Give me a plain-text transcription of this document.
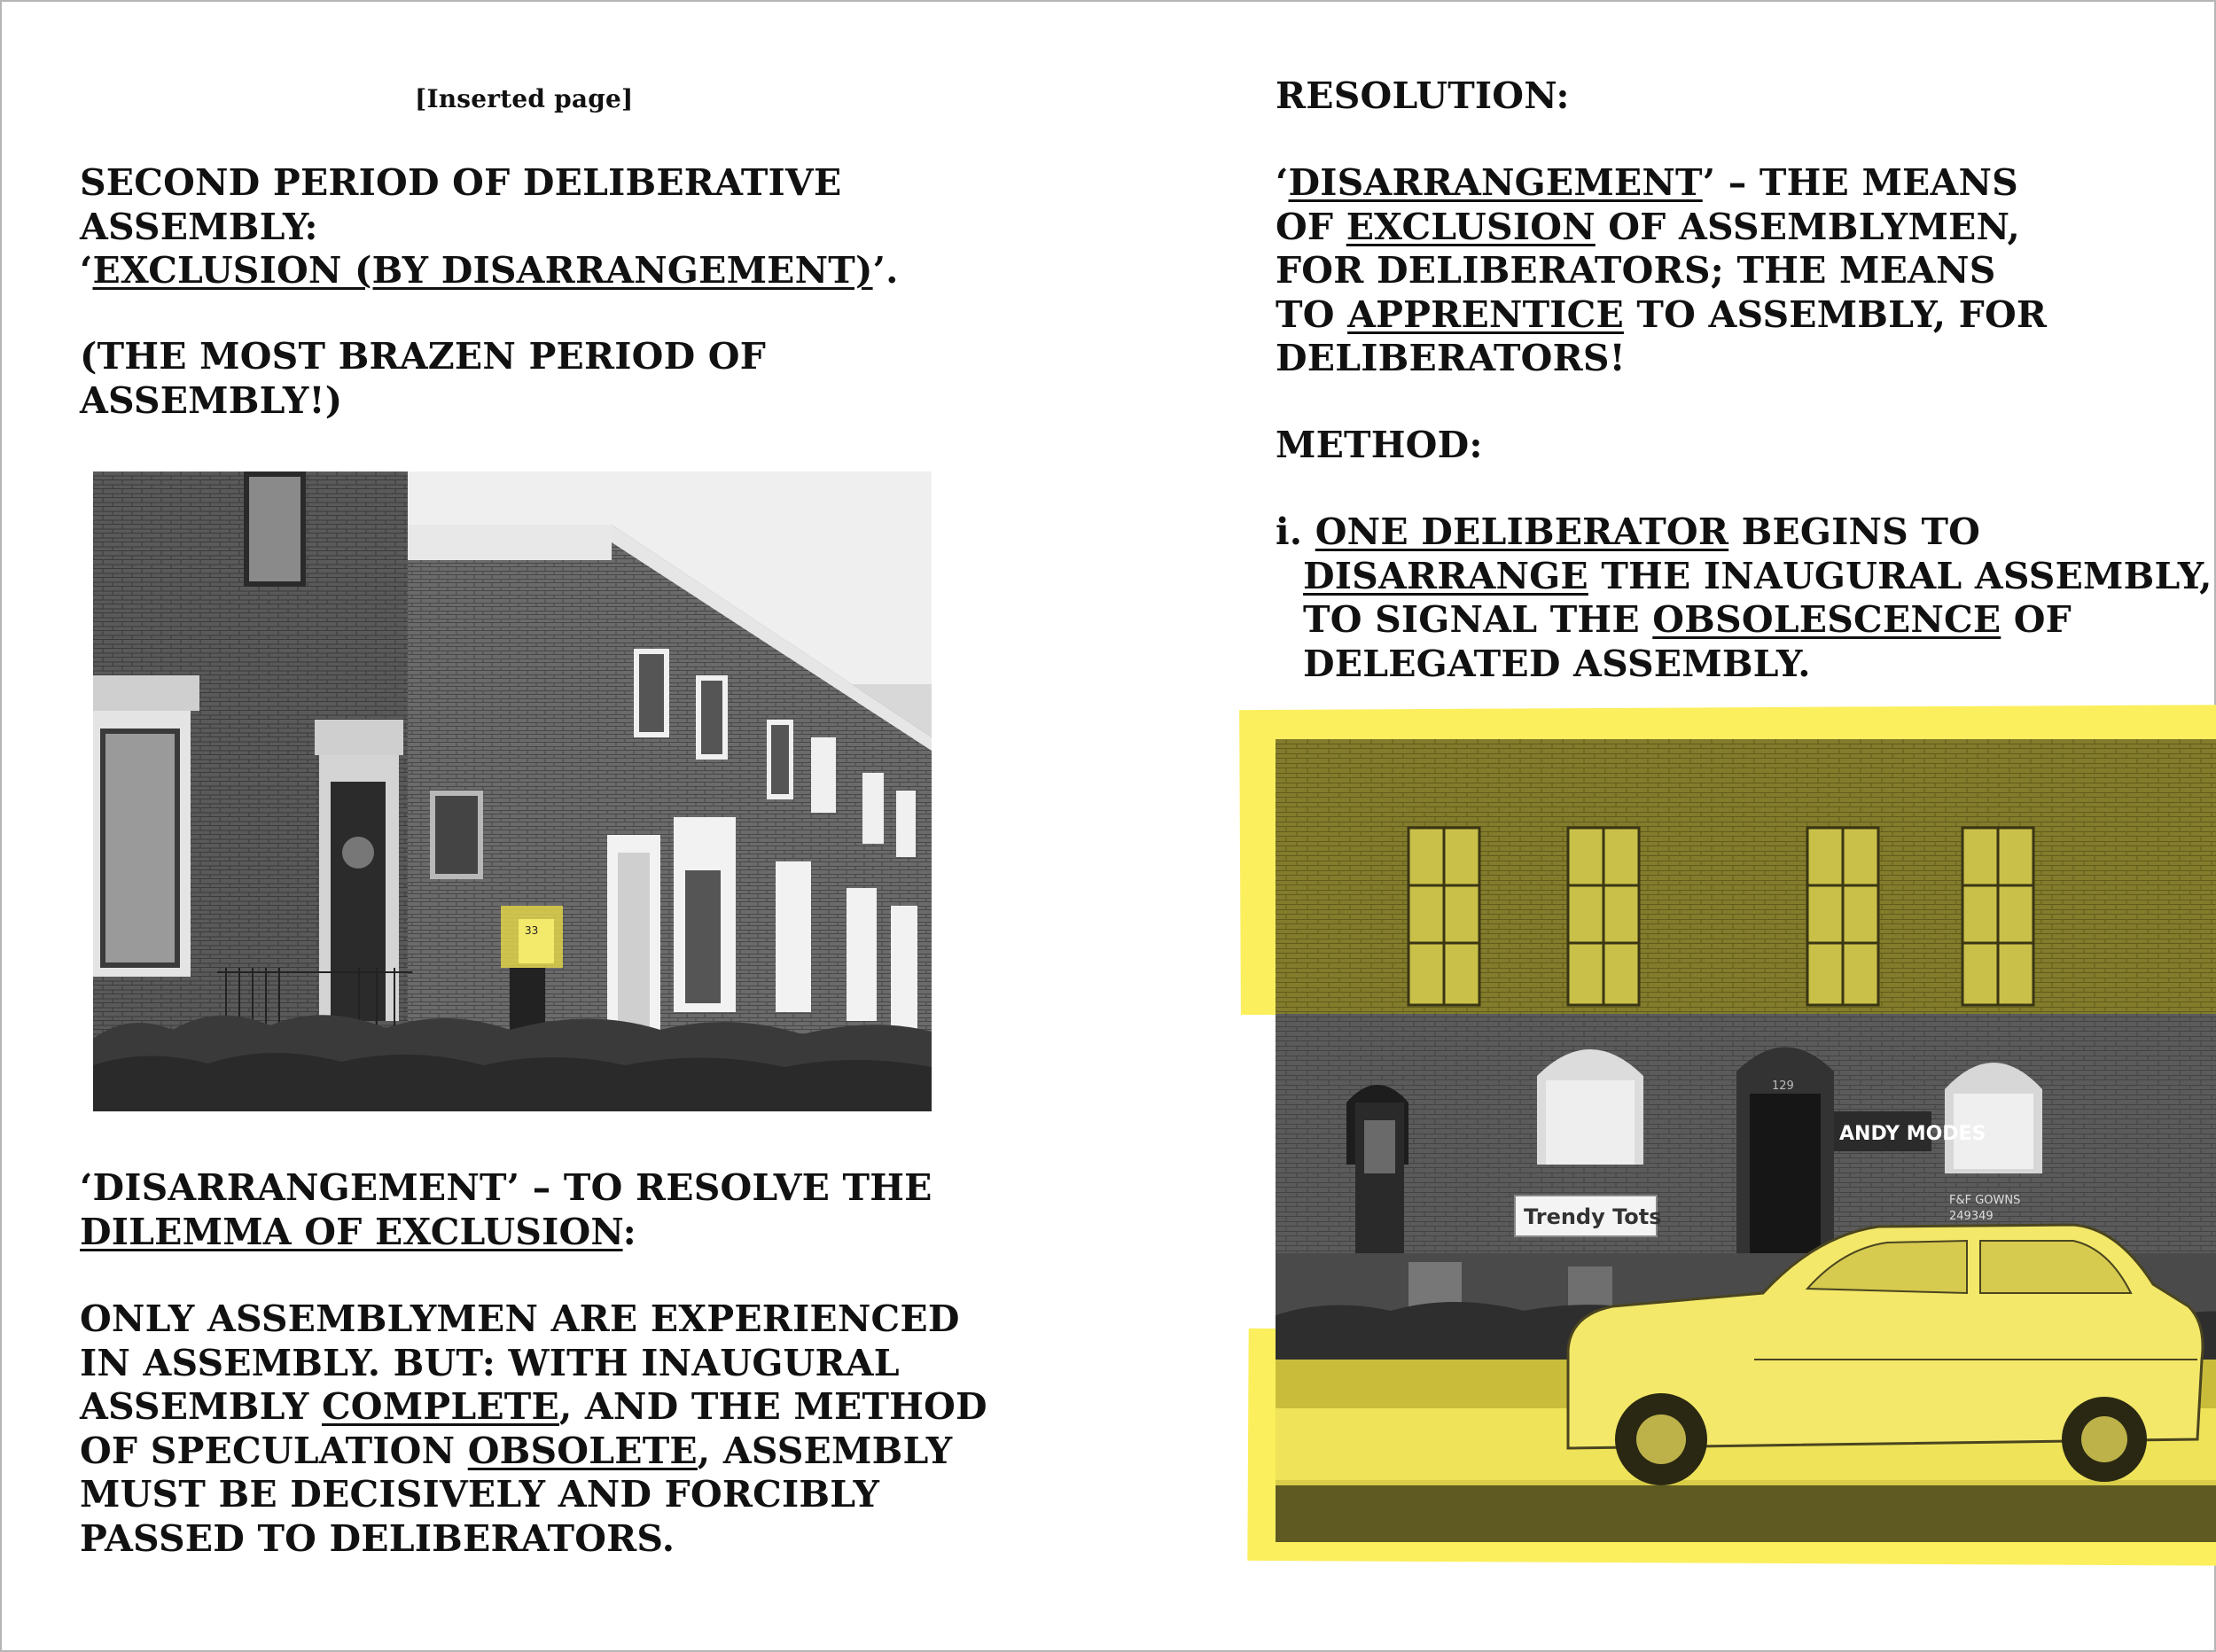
[Inserted page]

SECOND PERIOD OF DELIBERATIVE
ASSEMBLY:
‘EXCLUSION (BY DISARRANGEMENT)’.

(THE MOST BRAZEN PERIOD OF
ASSEMBLY!)

33

‘DISARRANGEMENT’ – TO RESOLVE THE
DILEMMA OF EXCLUSION:

ONLY ASSEMBLYMEN ARE EXPERIENCED
IN ASSEMBLY. BUT: WITH INAUGURAL
ASSEMBLY COMPLETE, AND THE METHOD
OF SPECULATION OBSOLETE, ASSEMBLY
MUST BE DECISIVELY AND FORCIBLY
PASSED TO DELIBERATORS.

RESOLUTION:

‘DISARRANGEMENT’ – THE MEANS
OF EXCLUSION OF ASSEMBLYMEN,
FOR DELIBERATORS; THE MEANS
TO APPRENTICE TO ASSEMBLY, FOR
DELIBERATORS!

METHOD:

i. ONE DELIBERATOR BEGINS TO
DISARRANGE THE INAUGURAL ASSEMBLY,
TO SIGNAL THE OBSOLESCENCE OF
DELEGATED ASSEMBLY.

129
ANDY MODES
Trendy Tots
F&F GOWNS
249349
